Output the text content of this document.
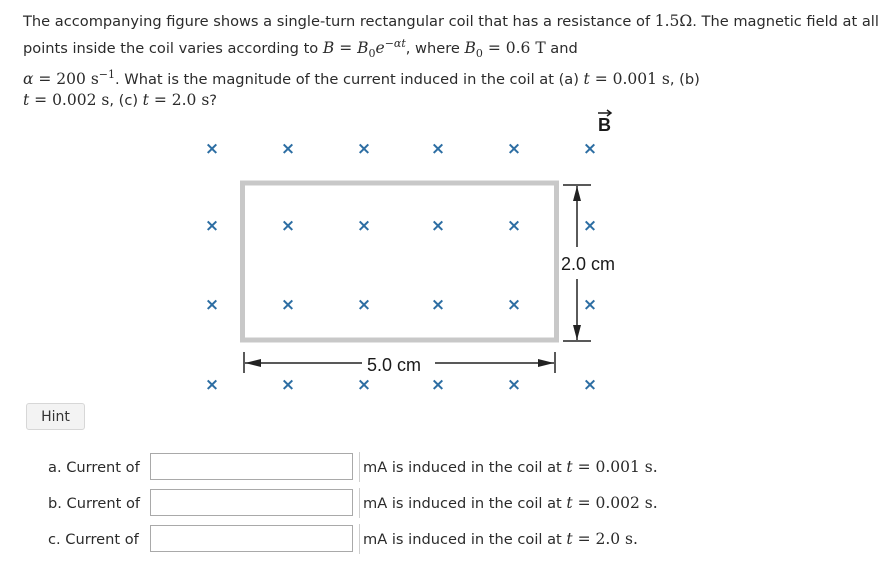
The accompanying figure shows a single-turn rectangular coil that has a resistance of 1.5Ω. The magnetic field at all points inside the coil varies according to $B = B_0e^{-\alpha t}$, where $B_0 = 0.6$ T and
α = 200 $s^{-1}$. What is the magnitude of the current induced in the coil at (a) t = 0.001 s, (b)
t = 0.002 s, (c) t = 2.0 s?
×	×	×	×	×	×
×	×	×	×	×	×
×	×	×	×	×	×
×	×	×	×	×	×
B
2.0 cm
5.0 cm
Hint
a. Current of	mA is induced in the coil at t = 0.001 s.
b. Current of	mA is induced in the coil at t = 0.002 s.
c. Current of	mA is induced in the coil at t = 2.0 s.
